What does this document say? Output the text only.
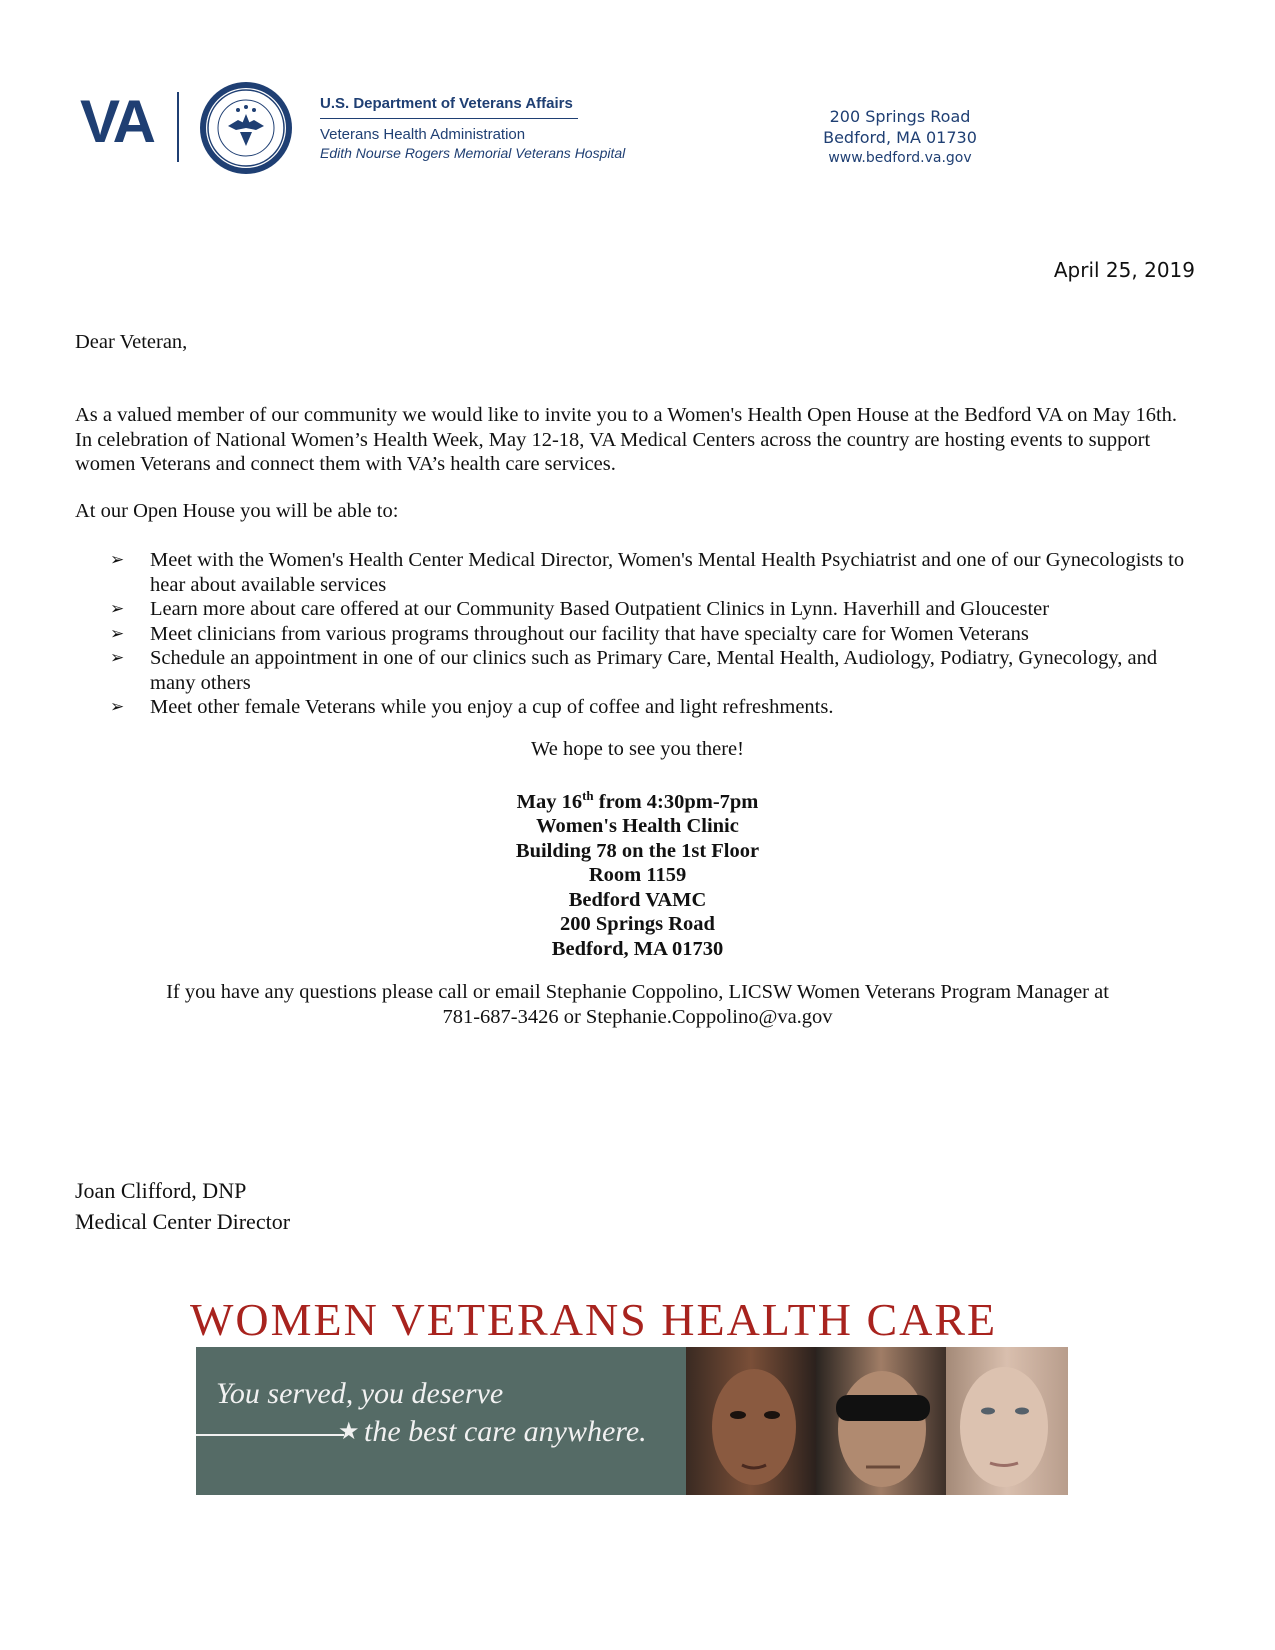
VA	U.S. Department of Veterans Affairs
Veterans Health Administration
Edith Nourse Rogers Memorial Veterans Hospital
200 Springs Road
Bedford, MA 01730
www.bedford.va.gov
April 25, 2019
Dear Veteran,
As a valued member of our community we would like to invite you to a Women's Health Open House at the Bedford VA on May 16th. In celebration of National Women’s Health Week, May 12-18, VA Medical Centers across the country are hosting events to support women Veterans and connect them with VA’s health care services.
At our Open House you will be able to:
➢ Meet with the Women's Health Center Medical Director, Women's Mental Health Psychiatrist and one of our Gynecologists to hear about available services
➢ Learn more about care offered at our Community Based Outpatient Clinics in Lynn. Haverhill and Gloucester
➢ Meet clinicians from various programs throughout our facility that have specialty care for Women Veterans
➢ Schedule an appointment in one of our clinics such as Primary Care, Mental Health, Audiology, Podiatry, Gynecology, and many others
➢ Meet other female Veterans while you enjoy a cup of coffee and light refreshments.
We hope to see you there!
May 16th from 4:30pm-7pm
Women's Health Clinic
Building 78 on the 1st Floor
Room 1159
Bedford VAMC
200 Springs Road
Bedford, MA 01730
If you have any questions please call or email Stephanie Coppolino, LICSW Women Veterans Program Manager at
781-687-3426 or Stephanie.Coppolino@va.gov
Joan Clifford, DNP
Medical Center Director
WOMEN VETERANS HEALTH CARE
You served, you deserve
★ the best care anywhere.
